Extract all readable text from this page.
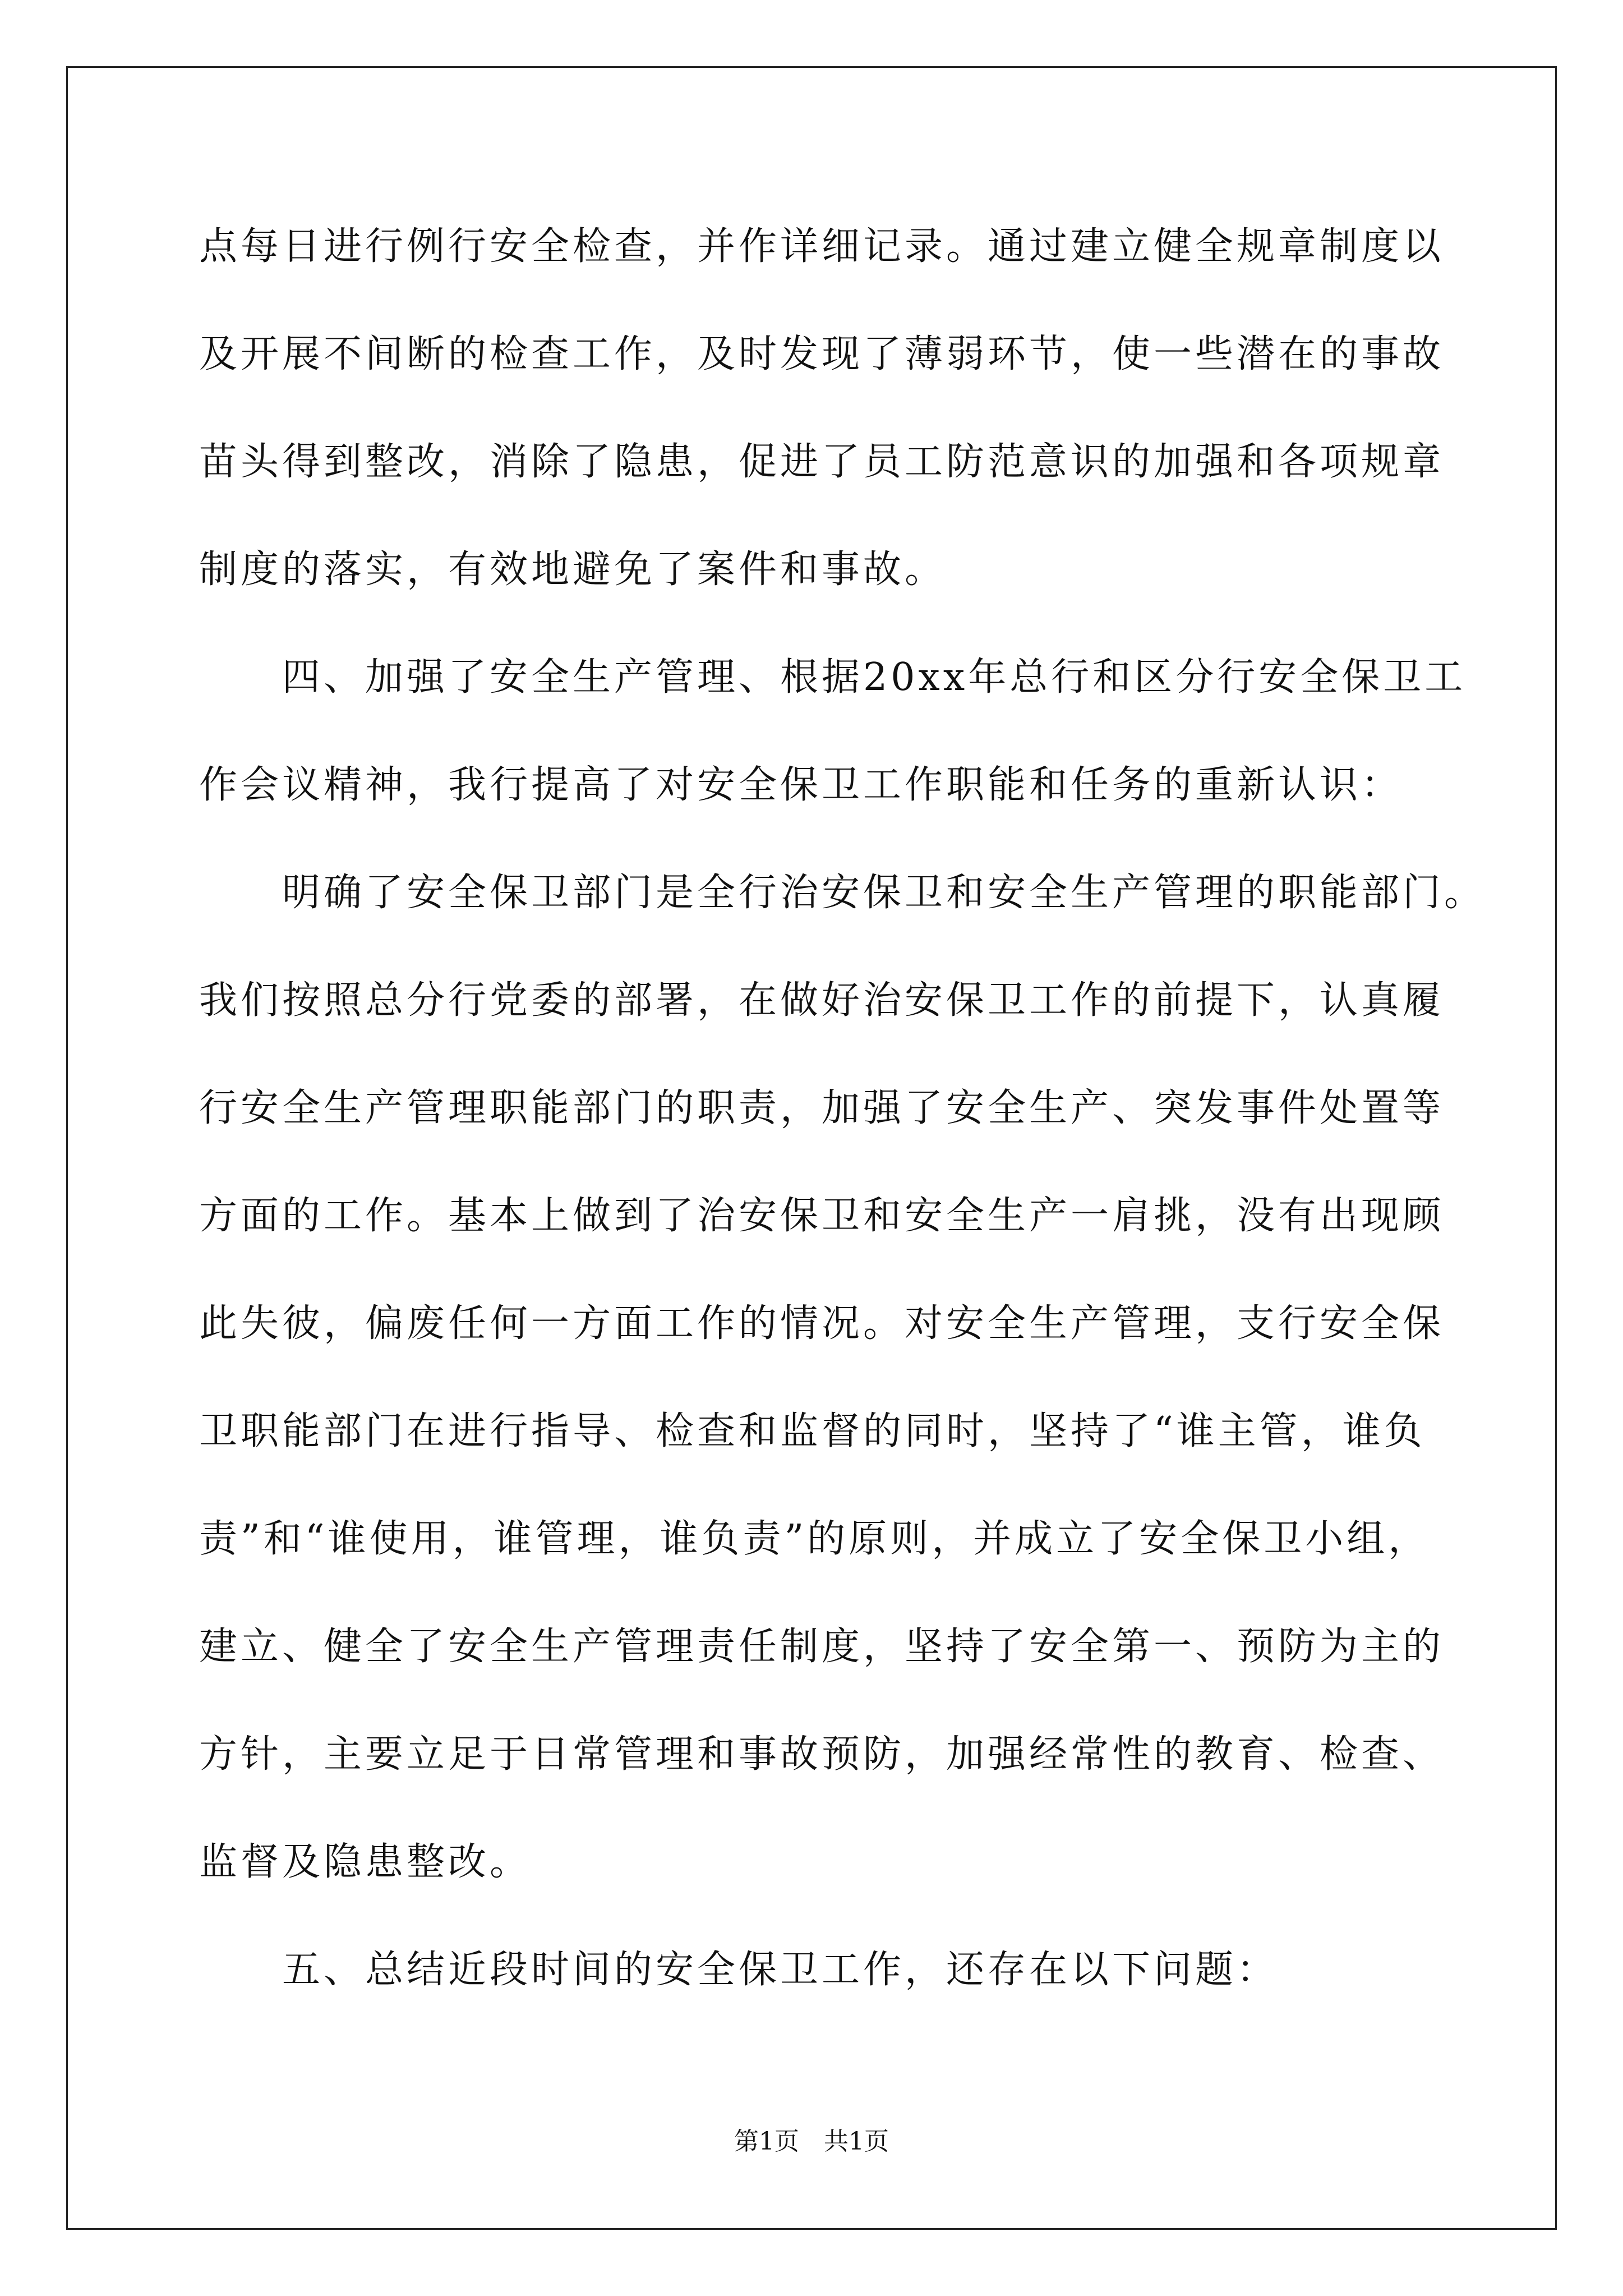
点每日进行例行安全检查，并作详细记录。通过建立健全规章制度以
及开展不间断的检查工作，及时发现了薄弱环节，使一些潜在的事故
苗头得到整改，消除了隐患，促进了员工防范意识的加强和各项规章
制度的落实，有效地避免了案件和事故。
　　四、加强了安全生产管理、根据20xx年总行和区分行安全保卫工
作会议精神，我行提高了对安全保卫工作职能和任务的重新认识：
　　明确了安全保卫部门是全行治安保卫和安全生产管理的职能部门。
我们按照总分行党委的部署，在做好治安保卫工作的前提下，认真履
行安全生产管理职能部门的职责，加强了安全生产、突发事件处置等
方面的工作。基本上做到了治安保卫和安全生产一肩挑，没有出现顾
此失彼，偏废任何一方面工作的情况。对安全生产管理，支行安全保
卫职能部门在进行指导、检查和监督的同时，坚持了“谁主管，谁负
责”和“谁使用，谁管理，谁负责”的原则，并成立了安全保卫小组，
建立、健全了安全生产管理责任制度，坚持了安全第一、预防为主的
方针，主要立足于日常管理和事故预防，加强经常性的教育、检查、
监督及隐患整改。
　　五、总结近段时间的安全保卫工作，还存在以下问题：
第1页　共1页
